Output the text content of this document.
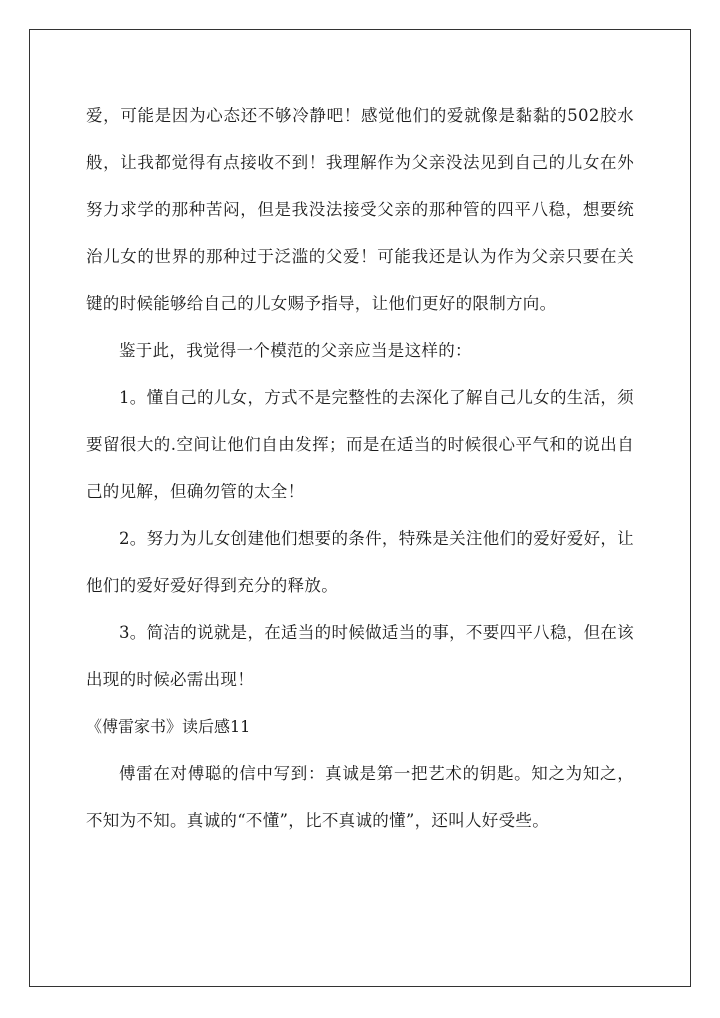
爱，可能是因为心态还不够冷静吧！感觉他们的爱就像是黏黏的502胶水般，让我都觉得有点接收不到！我理解作为父亲没法见到自己的儿女在外努力求学的那种苦闷，但是我没法接受父亲的那种管的四平八稳，想要统治儿女的世界的那种过于泛滥的父爱！可能我还是认为作为父亲只要在关键的时候能够给自己的儿女赐予指导，让他们更好的限制方向。

鉴于此，我觉得一个模范的父亲应当是这样的：

1。懂自己的儿女，方式不是完整性的去深化了解自己儿女的生活，须要留很大的.空间让他们自由发挥；而是在适当的时候很心平气和的说出自己的见解，但确勿管的太全！

2。努力为儿女创建他们想要的条件，特殊是关注他们的爱好爱好，让他们的爱好爱好得到充分的释放。

3。简洁的说就是，在适当的时候做适当的事，不要四平八稳，但在该出现的时候必需出现！

《傅雷家书》读后感11

傅雷在对傅聪的信中写到：真诚是第一把艺术的钥匙。知之为知之，不知为不知。真诚的“不懂”，比不真诚的懂”，还叫人好受些。
